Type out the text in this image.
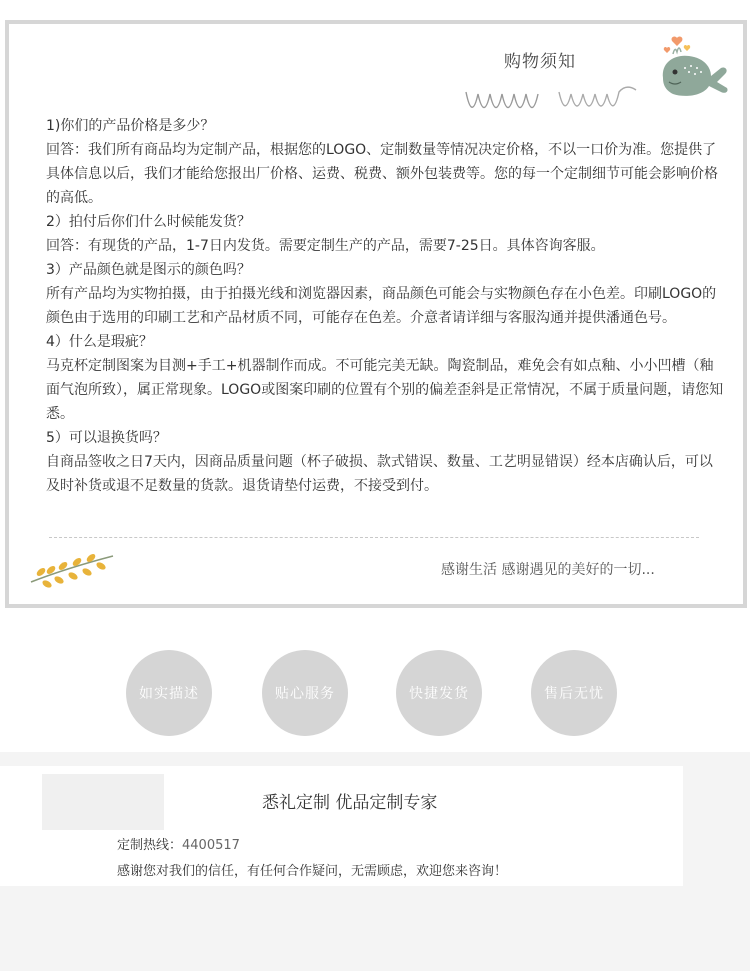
购物须知

1)你们的产品价格是多少？

回答：我们所有商品均为定制产品，根据您的LOGO、定制数量等情况决定价格，不以一口价为准。您提供了具体信息以后，我们才能给您报出厂价格、运费、税费、额外包装费等。您的每一个定制细节可能会影响价格的高低。

2）拍付后你们什么时候能发货？

回答：有现货的产品，1-7日内发货。需要定制生产的产品，需要7-25日。具体咨询客服。

3）产品颜色就是图示的颜色吗？

所有产品均为实物拍摄，由于拍摄光线和浏览器因素，商品颜色可能会与实物颜色存在小色差。印刷LOGO的颜色由于选用的印刷工艺和产品材质不同，可能存在色差。介意者请详细与客服沟通并提供潘通色号。

4）什么是瑕疵？

马克杯定制图案为目测+手工+机器制作而成。不可能完美无缺。陶瓷制品，难免会有如点釉、小小凹槽（釉面气泡所致），属正常现象。LOGO或图案印刷的位置有个别的偏差歪斜是正常情况，不属于质量问题，请您知悉。

5）可以退换货吗？

自商品签收之日7天内，因商品质量问题（杯子破损、款式错误、数量、工艺明显错误）经本店确认后，可以及时补货或退不足数量的货款。退货请垫付运费，不接受到付。

感谢生活 感谢遇见的美好的一切...
如实描述	贴心服务	快捷发货	售后无忧
悉礼定制 优品定制专家
定制热线：4400517
感谢您对我们的信任，有任何合作疑问，无需顾虑，欢迎您来咨询！
